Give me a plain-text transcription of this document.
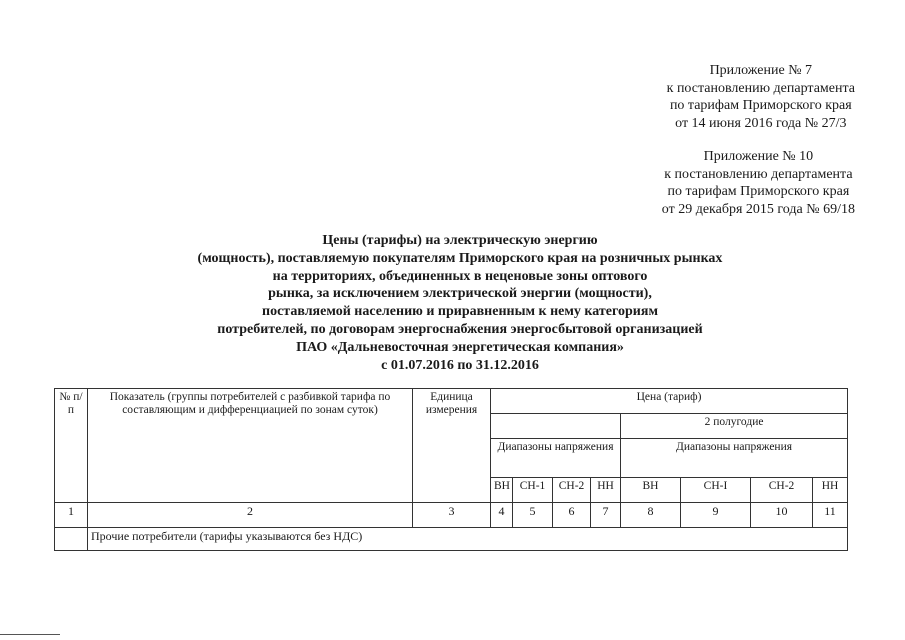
Приложение № 7
к постановлению департамента
по тарифам Приморского края
от 14 июня 2016 года № 27/3
Приложение № 10
к постановлению департамента
по тарифам Приморского края
от 29 декабря 2015 года № 69/18
Цены (тарифы) на электрическую энергию
(мощность), поставляемую покупателям Приморского края на розничных рынках
на территориях, объединенных в неценовые зоны оптового
рынка, за исключением электрической энергии (мощности),
поставляемой населению и приравненным к нему категориям
потребителей, по договорам энергоснабжения энергосбытовой организацией
ПАО «Дальневосточная энергетическая компания»
с 01.07.2016 по 31.12.2016
№ п/п	Показатель (группы потребителей с разбивкой тарифа по составляющим и дифференциацией по зонам суток)	Единица измерения	Цена (тариф)							
							2 полугодие			
			Диапазоны напряжения				Диапазоны напряжения			
			ВН	СН-1	СН-2	НН	ВН	СН-I	СН-2	НН
1	2	3	4	5	6	7	8	9	10	11
	Прочие потребители (тарифы указываются без НДС)									
